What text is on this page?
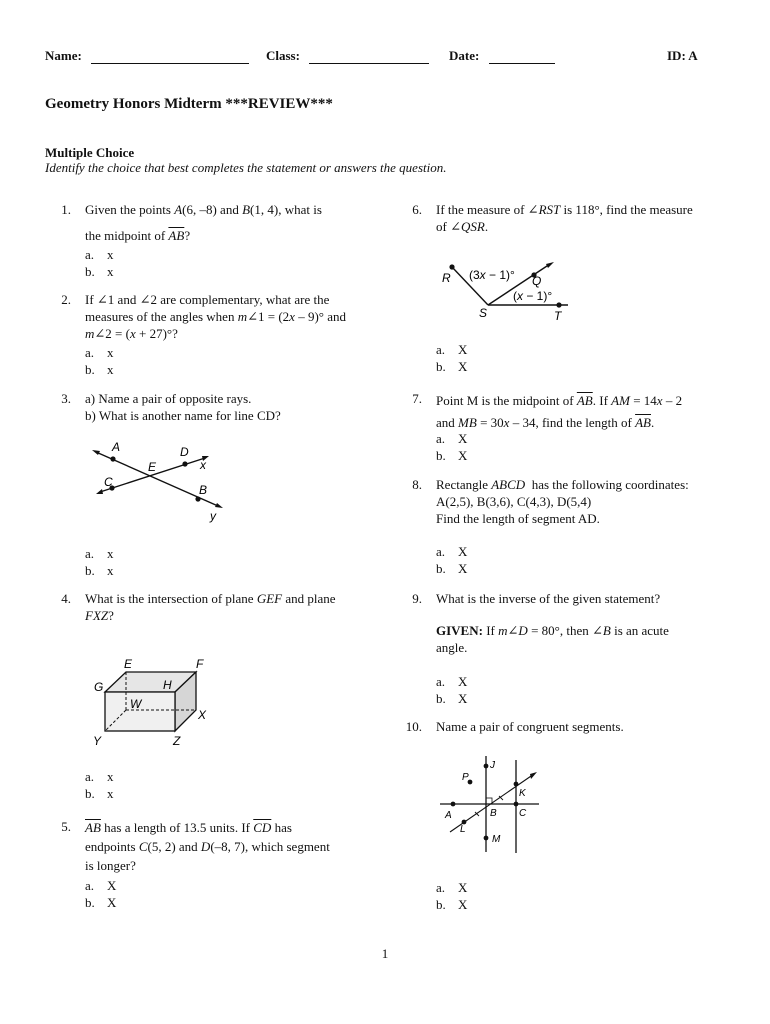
Name:	Class:	Date:	ID: A
Geometry Honors Midterm ***REVIEW***
Multiple Choice
Identify the choice that best completes the statement or answers the question.
1. Given the points A(6, –8) and B(1, 4), what is

the midpoint of $\overline{AB}$?
a. x
b. x
2. If ∠1 and ∠2 are complementary, what are the
measures of the angles when m∠1 = (2x – 9)° and
m∠2 = (x + 27)°?
a. x
b. x
3. a) Name a pair of opposite rays.
b) What is another name for line CD?
A	D
x
E
C
B
y
a. x
b. x
4. What is the intersection of plane GEF and plane
FXZ?
E	F
G	H
W
X
Y	Z
a. x
b. x
5. $\overline{AB}$ has a length of 13.5 units. If $\overline{CD}$ has
endpoints C(5, 2) and D(–8, 7), which segment
is longer?
a. X
b. X
6. If the measure of ∠RST is 118°, find the measure
of ∠QSR.
R (3x − 1)° Q
(x − 1)°
S	T
a. X
b. X
7. Point M is the midpoint of $\overline{AB}$. If AM = 14x – 2
and MB = 30x – 34, find the length of $\overline{AB}$.
a. X
b. X
8. Rectangle ABCD  has the following coordinates:
A(2,5), B(3,6), C(4,3), D(5,4)
Find the length of segment AD.
a. X
b. X
9. What is the inverse of the given statement?
GIVEN: If m∠D = 80°, then ∠B is an acute
angle.
a. X
b. X
10. Name a pair of congruent segments.
J
P
K
A	B C
L
M
a. X
b. X
1
